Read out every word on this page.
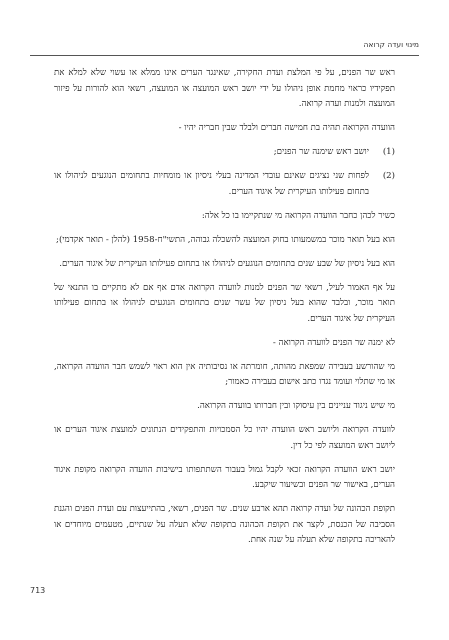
מינוי ועדה קרואה

ראש שר הפנים, על פי המלצת ועדת החקירה, שאינגד הערים אינו ממלא או עשוי שלא למלא את תפקידיו כראוי מחמת אופן ניהולו על ידי יושב ראש המועצה או המועצה, רשאי הוא להורות על פיזור המועצה ולמנות ועדה קרואה.

הוועדה הקרואה תהיה בת חמישה חברים ולבלד שבין חבריה יהיו -

(1)
יושב ראש שימנה שר הפנים;
(2)
לפחות שני נציגים שאינם עובדי המדינה בעלי ניסיון או מומחיות בתחומים הנוגעים לניהולו או בתחום פעילותו העיקרית של איגוד הערים.

כשיר לכהן כחבר הוועדה הקרואה מי שנתקיימו בו כל אלה:

הוא בעל תואר מוכר במשמעותו בחוק המועצה להשכלה גבוהה, התשי"ח-1958 (להלן - תואר אקדמי);

הוא בעל ניסיון של שבע שנים בתחומים הנוגעים לניהולו או בתחום פעילותו העיקרית של איגוד הערים.

על אף האמור לעיל, רשאי שר הפנים למנות לוועדה הקרואה אדם אף אם לא מתקיים בו התנאי של תואר מוכר, ובלבד שהוא בעל ניסיון של עשר שנים בתחומים הנוגעים לניהולו או בתחום פעילותו העיקרית של איגוד הערים.

לא ימנה שר הפנים לוועדה הקרואה -

מי שהורשע בעבירה שמפאת מהותה, חומרתה או נסיבותיה אין הוא ראוי לשמש חבר הוועדה הקרואה, או מי שתלוי ועומד נגדו כתב אישום בעבירה כאמור;

מי שיש ניגוד עניינים בין עיסוקו ובין חברותו בוועדה הקרואה.

לוועדה הקרואה וליושב ראש הוועדה יהיו כל הסמכויות והתפקידים הנתונים למועצת איגוד הערים או ליושב ראש המועצה לפי כל דין.

יושב ראש הוועדה הקרואה זכאי לקבל גמול בעבור השתתפותו בישיבות הוועדה הקרואה מקופת איגוד הערים, באישור שר הפנים ובשיעור שיקבע.

תקופת הכהונה של ועדה קרואה תהא ארבע שנים. שר הפנים, רשאי, בהתייעצות עם ועדת הפנים והגנת הסביבה של הכנסת, לקצר את תקופת הכהונה בתקופה שלא תעלה על שנתיים, מטעמים מיוחדים או להאריכה בתקופה שלא תעלה על שנה אחת.

713
